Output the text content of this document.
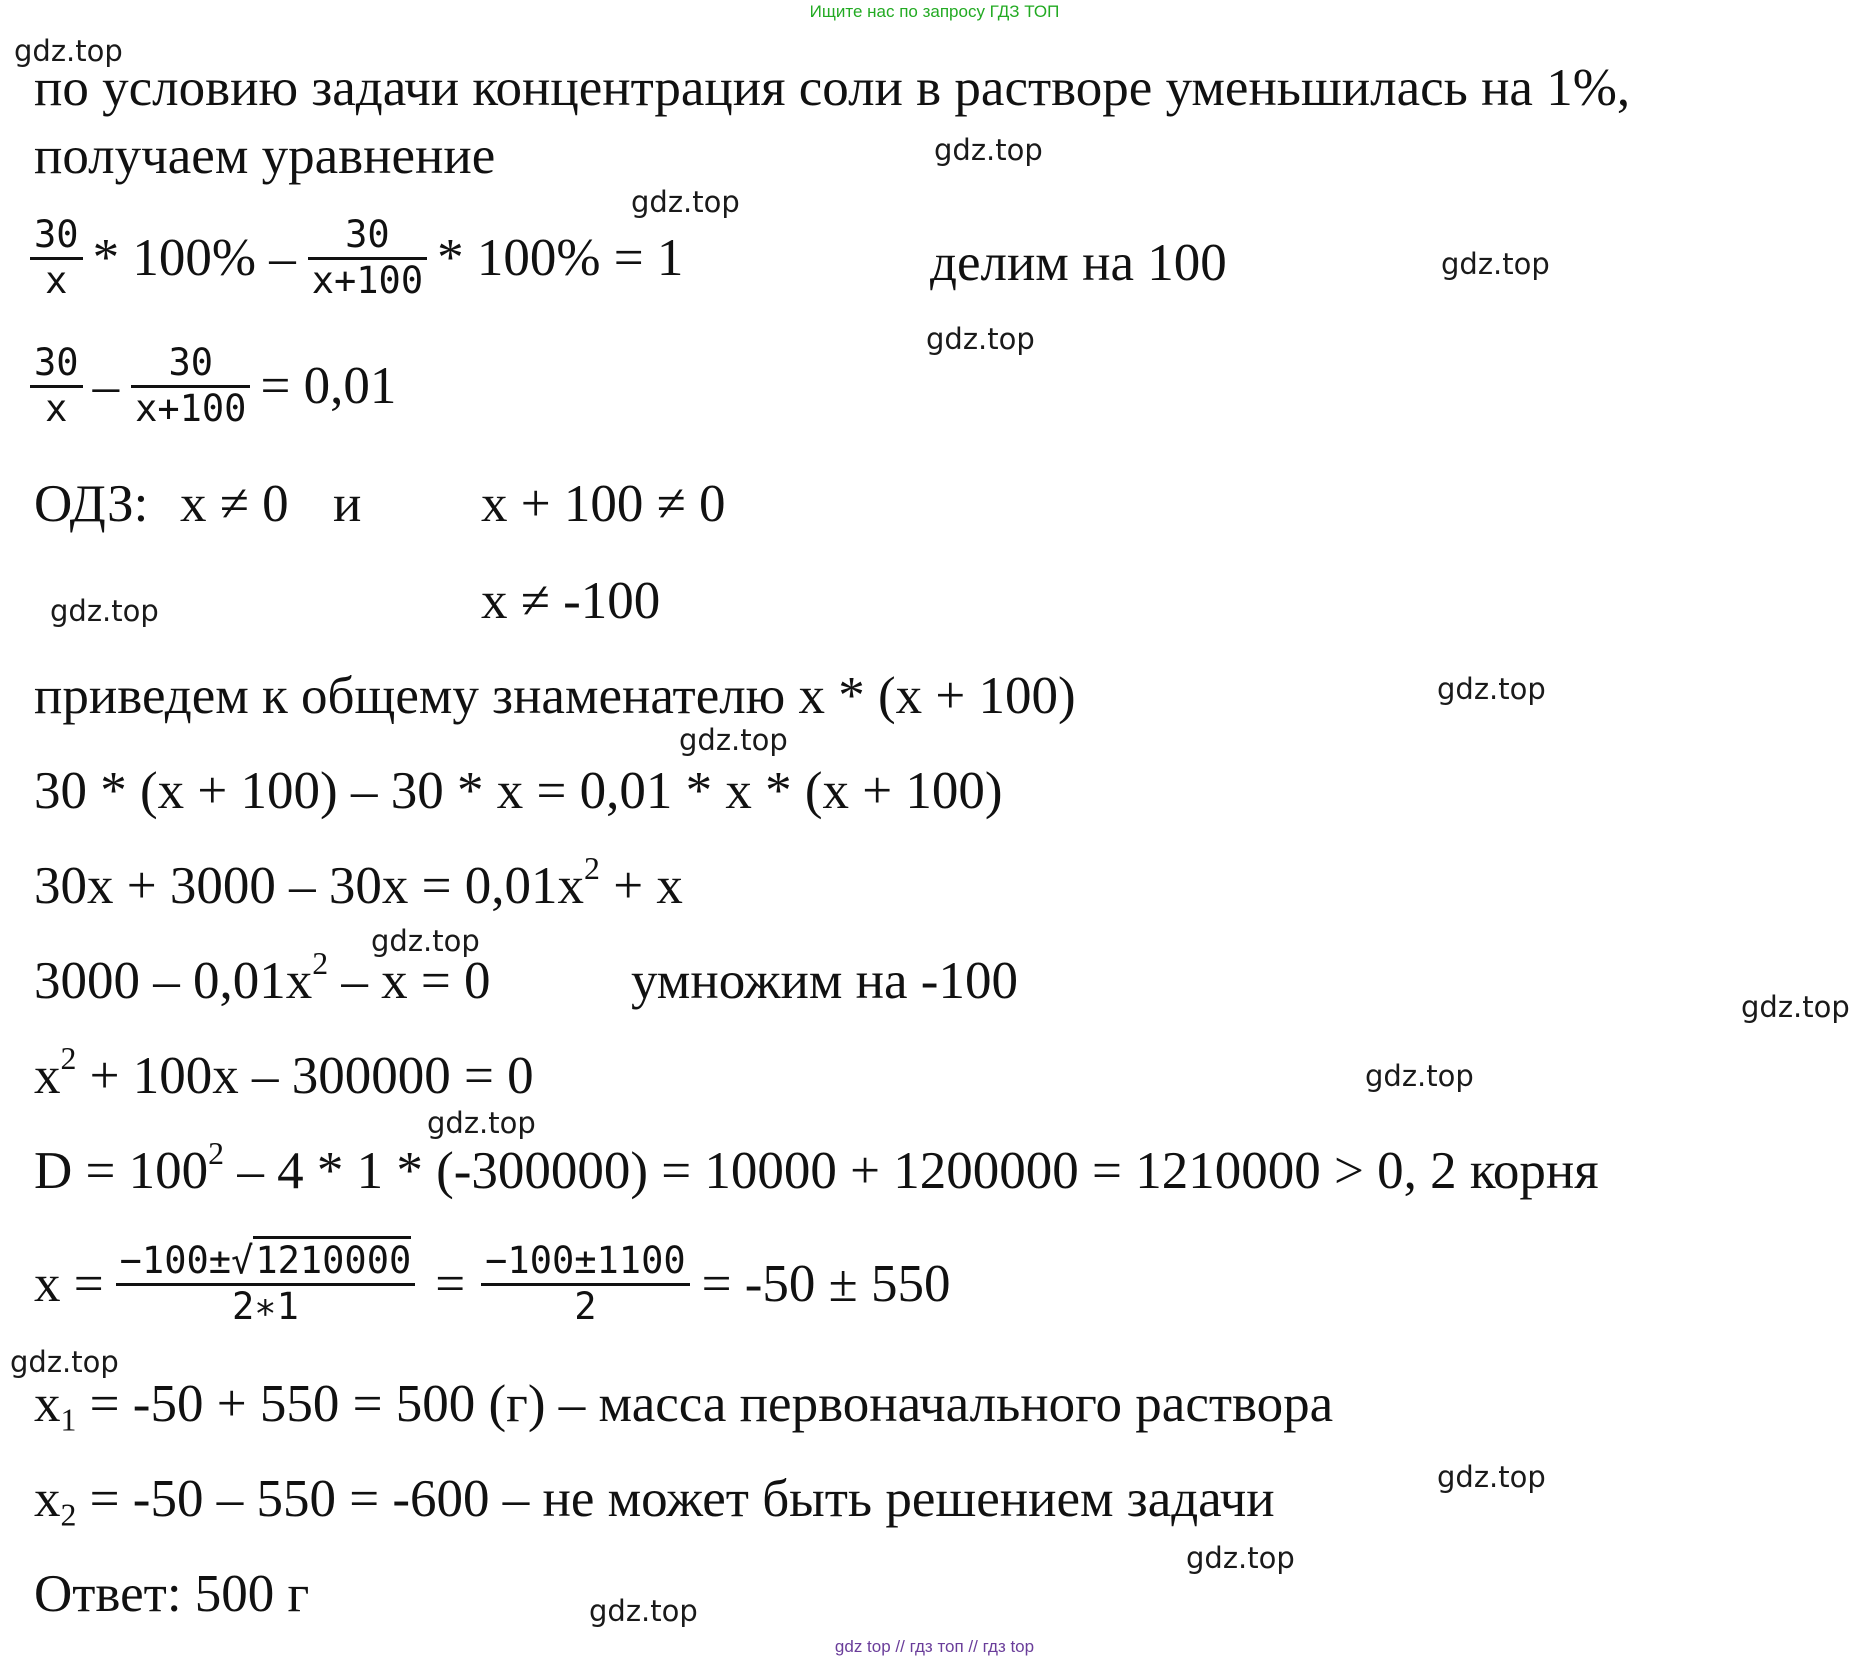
Ищите нас по запросу ГДЗ ТОП
gdz.top
gdz.top
gdz.top
gdz.top
gdz.top
gdz.top
gdz.top
gdz.top
gdz.top
gdz.top
gdz.top
gdz.top
gdz.top
gdz.top
gdz.top
gdz.top
по условию задачи концентрация соли в растворе уменьшилась на 1%,
получаем уравнение
$\frac{30}{x} * 100\% - \frac{30}{x+100} * 100\% = 1$	делим на 100
$\frac{30}{x} - \frac{30}{x+100} = 0,01$
ОДЗ: x ≠ 0 и x + 100 ≠ 0
x ≠ -100
приведем к общему знаменателю x * (x + 100)
30 * (x + 100) – 30 * x = 0,01 * x * (x + 100)
$30x + 3000 - 30x = 0,01x^2 + x$
$3000 - 0,01x^2 - x = 0$	умножим на -100
$x^2 + 100x - 300000 = 0$
$D = 100^2 - 4 * 1 * (-300000) = 10000 + 1200000 = 1210000 > 0$, 2 корня
$x = \frac{-100\pm√1210000}{2∗1} = \frac{-100\pm 1100}{2} = -50 \pm 550$
$x_1 = -50 + 550 = 500$ (г) – масса первоначального раствора
$x_2 = -50 - 550 = -600$ – не может быть решением задачи
Ответ: 500 г
gdz top // гдз топ // гдз top
